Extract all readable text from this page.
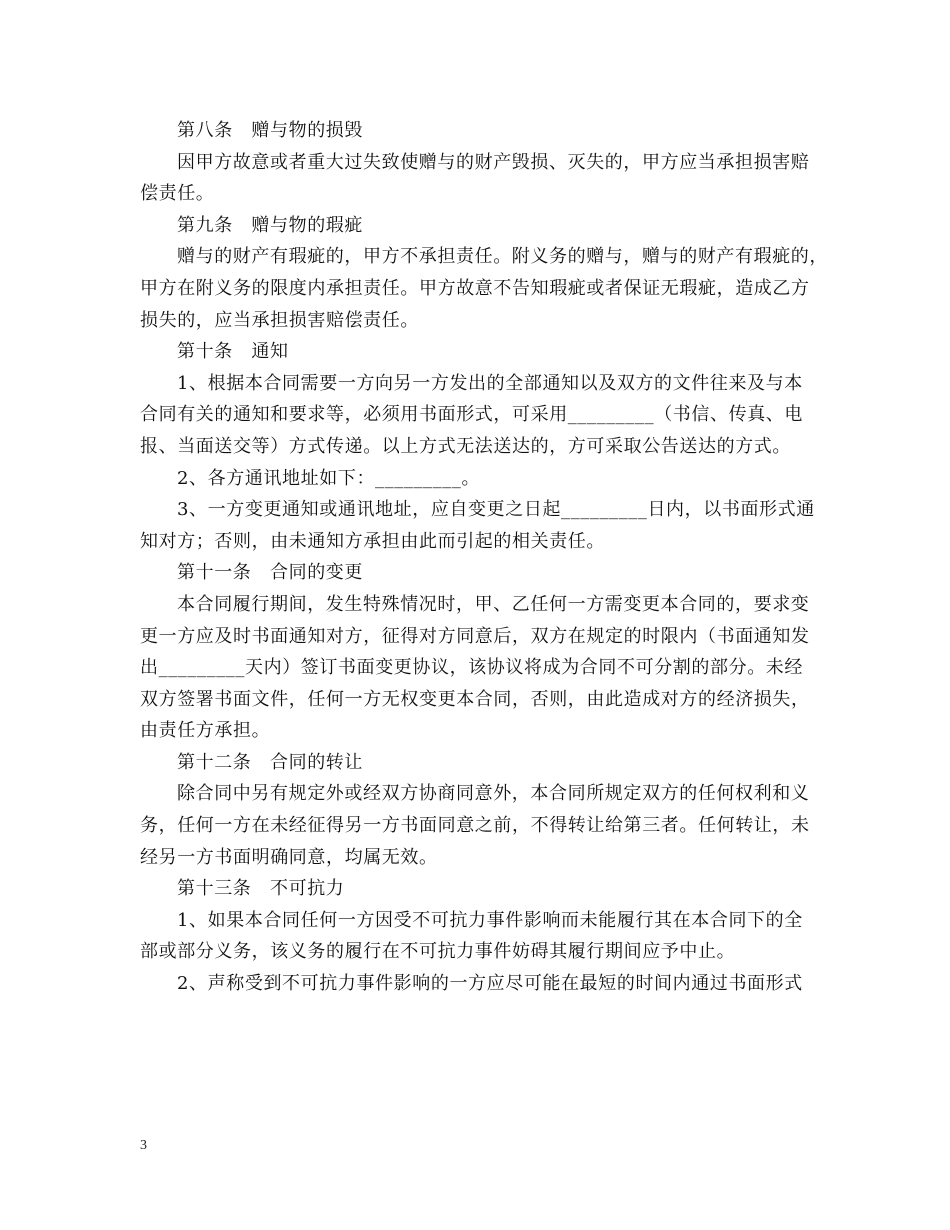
第八条　赠与物的损毁
因甲方故意或者重大过失致使赠与的财产毁损、灭失的，甲方应当承担损害赔
偿责任。
第九条　赠与物的瑕疵
赠与的财产有瑕疵的，甲方不承担责任。附义务的赠与，赠与的财产有瑕疵的，
甲方在附义务的限度内承担责任。甲方故意不告知瑕疵或者保证无瑕疵，造成乙方
损失的，应当承担损害赔偿责任。
第十条　通知
1、根据本合同需要一方向另一方发出的全部通知以及双方的文件往来及与本
合同有关的通知和要求等，必须用书面形式，可采用_________（书信、传真、电
报、当面送交等）方式传递。以上方式无法送达的，方可采取公告送达的方式。
2、各方通讯地址如下：_________。
3、一方变更通知或通讯地址，应自变更之日起_________日内，以书面形式通
知对方；否则，由未通知方承担由此而引起的相关责任。
第十一条　合同的变更
本合同履行期间，发生特殊情况时，甲、乙任何一方需变更本合同的，要求变
更一方应及时书面通知对方，征得对方同意后，双方在规定的时限内（书面通知发
出_________天内）签订书面变更协议，该协议将成为合同不可分割的部分。未经
双方签署书面文件，任何一方无权变更本合同，否则，由此造成对方的经济损失，
由责任方承担。
第十二条　合同的转让
除合同中另有规定外或经双方协商同意外，本合同所规定双方的任何权利和义
务，任何一方在未经征得另一方书面同意之前，不得转让给第三者。任何转让，未
经另一方书面明确同意，均属无效。
第十三条　不可抗力
1、如果本合同任何一方因受不可抗力事件影响而未能履行其在本合同下的全
部或部分义务，该义务的履行在不可抗力事件妨碍其履行期间应予中止。
2、声称受到不可抗力事件影响的一方应尽可能在最短的时间内通过书面形式
3
